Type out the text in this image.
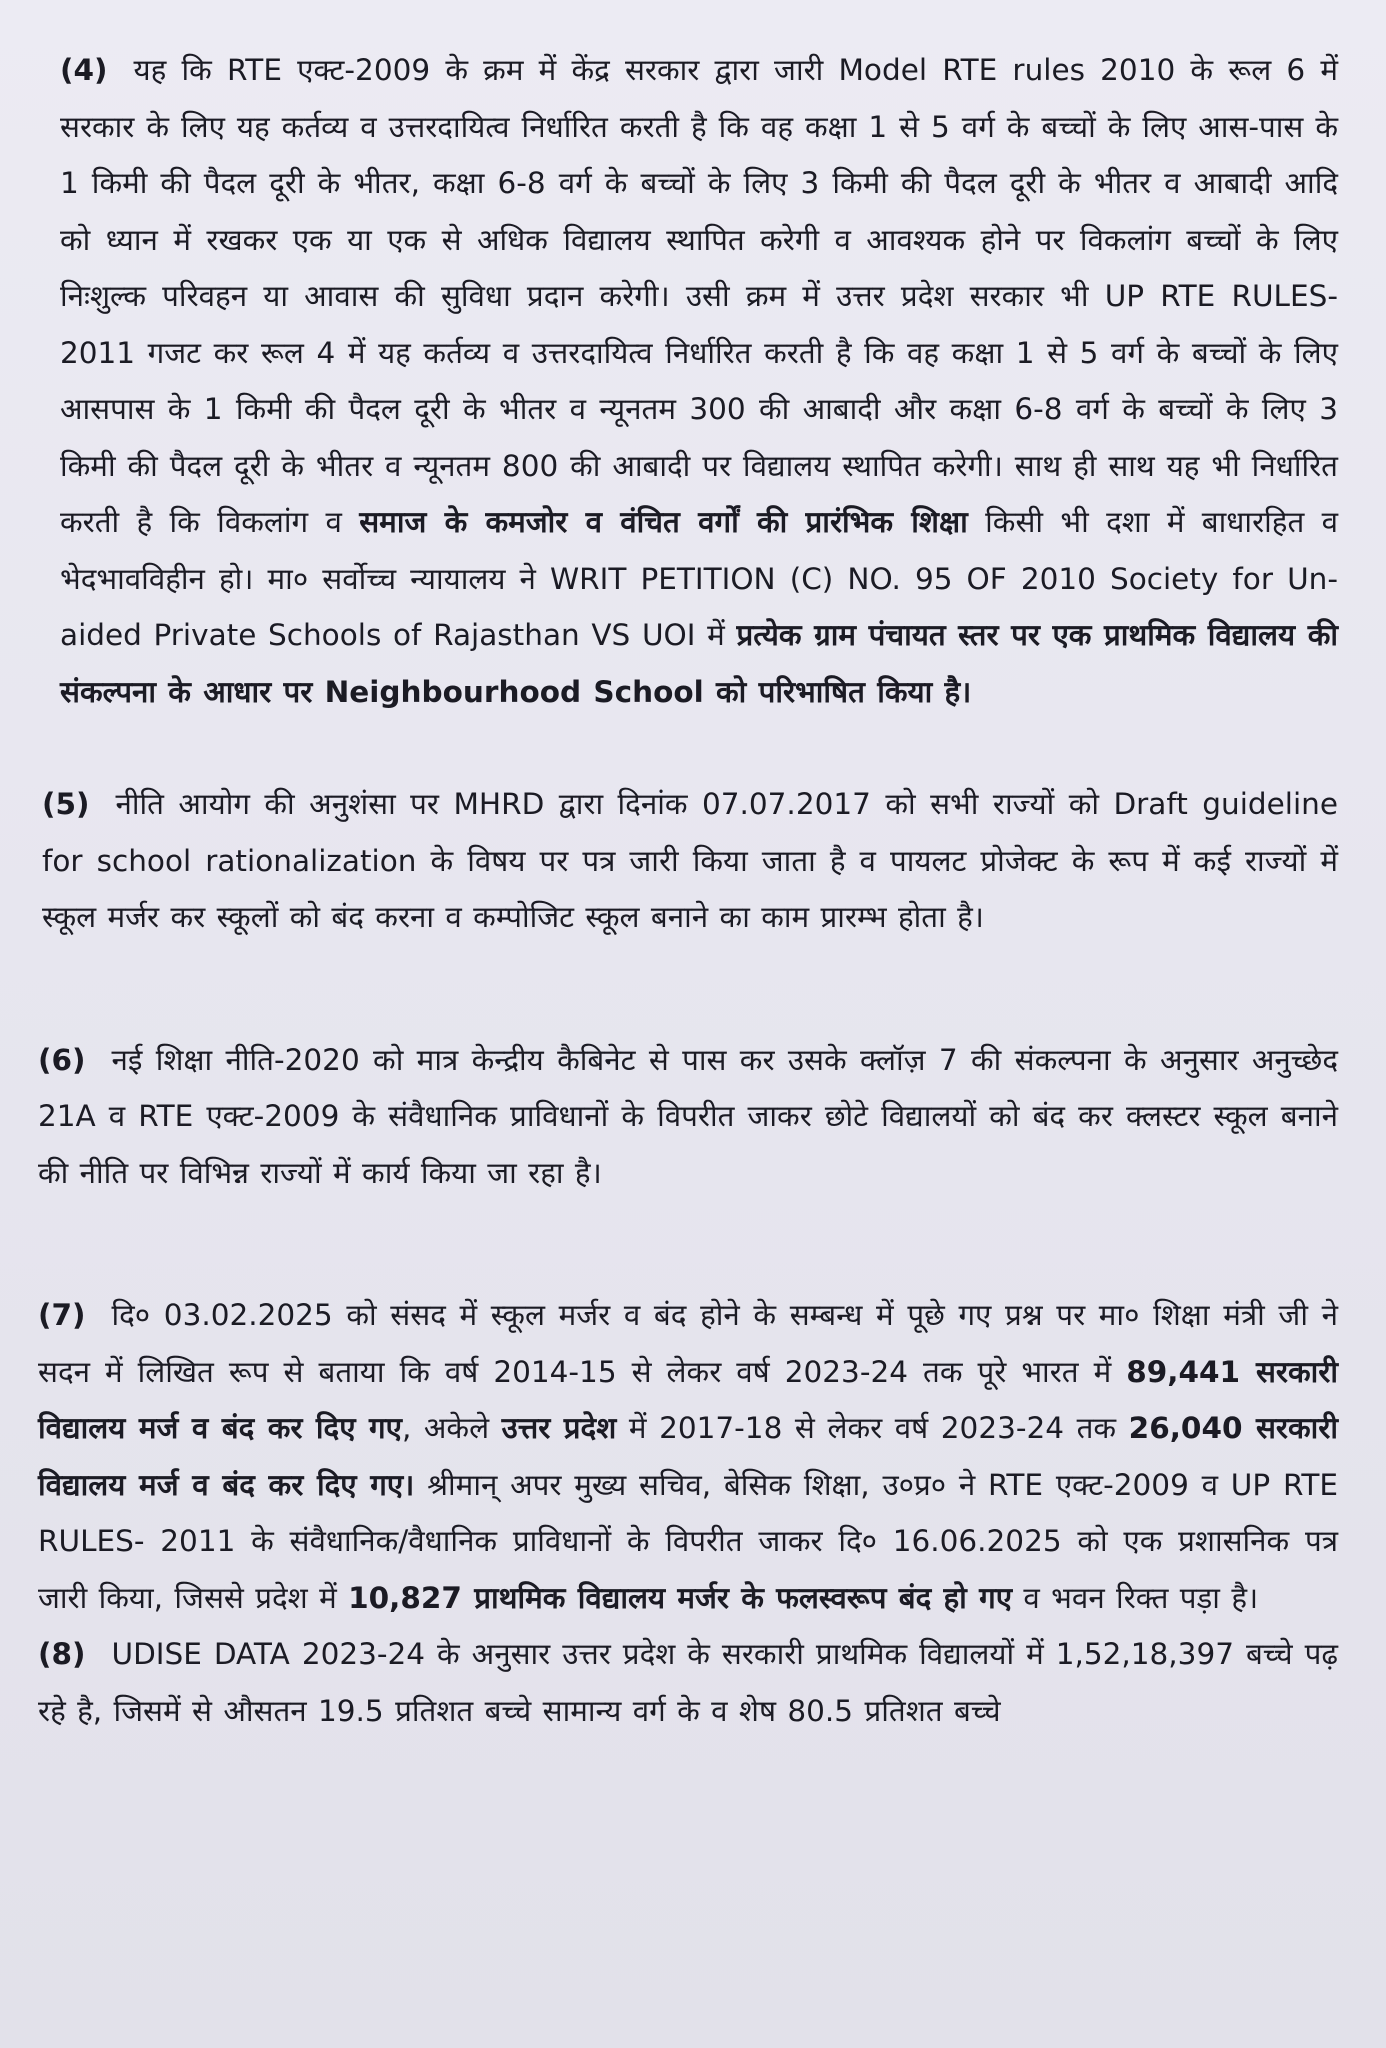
(4) यह कि RTE एक्ट-2009 के क्रम में केंद्र सरकार द्वारा जारी Model RTE rules 2010 के रूल 6 में सरकार के लिए यह कर्तव्य व उत्तरदायित्व निर्धारित करती है कि वह कक्षा 1 से 5 वर्ग के बच्चों के लिए आस-पास के 1 किमी की पैदल दूरी के भीतर, कक्षा 6-8 वर्ग के बच्चों के लिए 3 किमी की पैदल दूरी के भीतर व आबादी आदि को ध्यान में रखकर एक या एक से अधिक विद्यालय स्थापित करेगी व आवश्यक होने पर विकलांग बच्चों के लिए निःशुल्क परिवहन या आवास की सुविधा प्रदान करेगी। उसी क्रम में उत्तर प्रदेश सरकार भी UP RTE RULES- 2011 गजट कर रूल 4 में यह कर्तव्य व उत्तरदायित्व निर्धारित करती है कि वह कक्षा 1 से 5 वर्ग के बच्चों के लिए आसपास के 1 किमी की पैदल दूरी के भीतर व न्यूनतम 300 की आबादी और कक्षा 6-8 वर्ग के बच्चों के लिए 3 किमी की पैदल दूरी के भीतर व न्यूनतम 800 की आबादी पर विद्यालय स्थापित करेगी। साथ ही साथ यह भी निर्धारित करती है कि विकलांग व समाज के कमजोर व वंचित वर्गों की प्रारंभिक शिक्षा किसी भी दशा में बाधारहित व भेदभावविहीन हो। मा० सर्वोच्च न्यायालय ने WRIT PETITION (C) NO. 95 OF 2010 Society for Un-aided Private Schools of Rajasthan VS UOI में प्रत्येक ग्राम पंचायत स्तर पर एक प्राथमिक विद्यालय की संकल्पना के आधार पर Neighbourhood School को परिभाषित किया है।

(5) नीति आयोग की अनुशंसा पर MHRD द्वारा दिनांक 07.07.2017 को सभी राज्यों को Draft guideline for school rationalization के विषय पर पत्र जारी किया जाता है व पायलट प्रोजेक्ट के रूप में कई राज्यों में स्कूल मर्जर कर स्कूलों को बंद करना व कम्पोजिट स्कूल बनाने का काम प्रारम्भ होता है।

(6) नई शिक्षा नीति-2020 को मात्र केन्द्रीय कैबिनेट से पास कर उसके क्लॉज़ 7 की संकल्पना के अनुसार अनुच्छेद 21A व RTE एक्ट-2009 के संवैधानिक प्राविधानों के विपरीत जाकर छोटे विद्यालयों को बंद कर क्लस्टर स्कूल बनाने की नीति पर विभिन्न राज्यों में कार्य किया जा रहा है।

(7) दि० 03.02.2025 को संसद में स्कूल मर्जर व बंद होने के सम्बन्ध में पूछे गए प्रश्न पर मा० शिक्षा मंत्री जी ने सदन में लिखित रूप से बताया कि वर्ष 2014-15 से लेकर वर्ष 2023-24 तक पूरे भारत में 89,441 सरकारी विद्यालय मर्ज व बंद कर दिए गए, अकेले उत्तर प्रदेश में 2017-18 से लेकर वर्ष 2023-24 तक 26,040 सरकारी विद्यालय मर्ज व बंद कर दिए गए। श्रीमान् अपर मुख्य सचिव, बेसिक शिक्षा, उ०प्र० ने RTE एक्ट-2009 व UP RTE RULES- 2011 के संवैधानिक/वैधानिक प्राविधानों के विपरीत जाकर दि० 16.06.2025 को एक प्रशासनिक पत्र जारी किया, जिससे प्रदेश में 10,827 प्राथमिक विद्यालय मर्जर के फलस्वरूप बंद हो गए व भवन रिक्त पड़ा है।

(8) UDISE DATA 2023-24 के अनुसार उत्तर प्रदेश के सरकारी प्राथमिक विद्यालयों में 1,52,18,397 बच्चे पढ़ रहे है, जिसमें से औसतन 19.5 प्रतिशत बच्चे सामान्य वर्ग के व शेष 80.5 प्रतिशत बच्चे
